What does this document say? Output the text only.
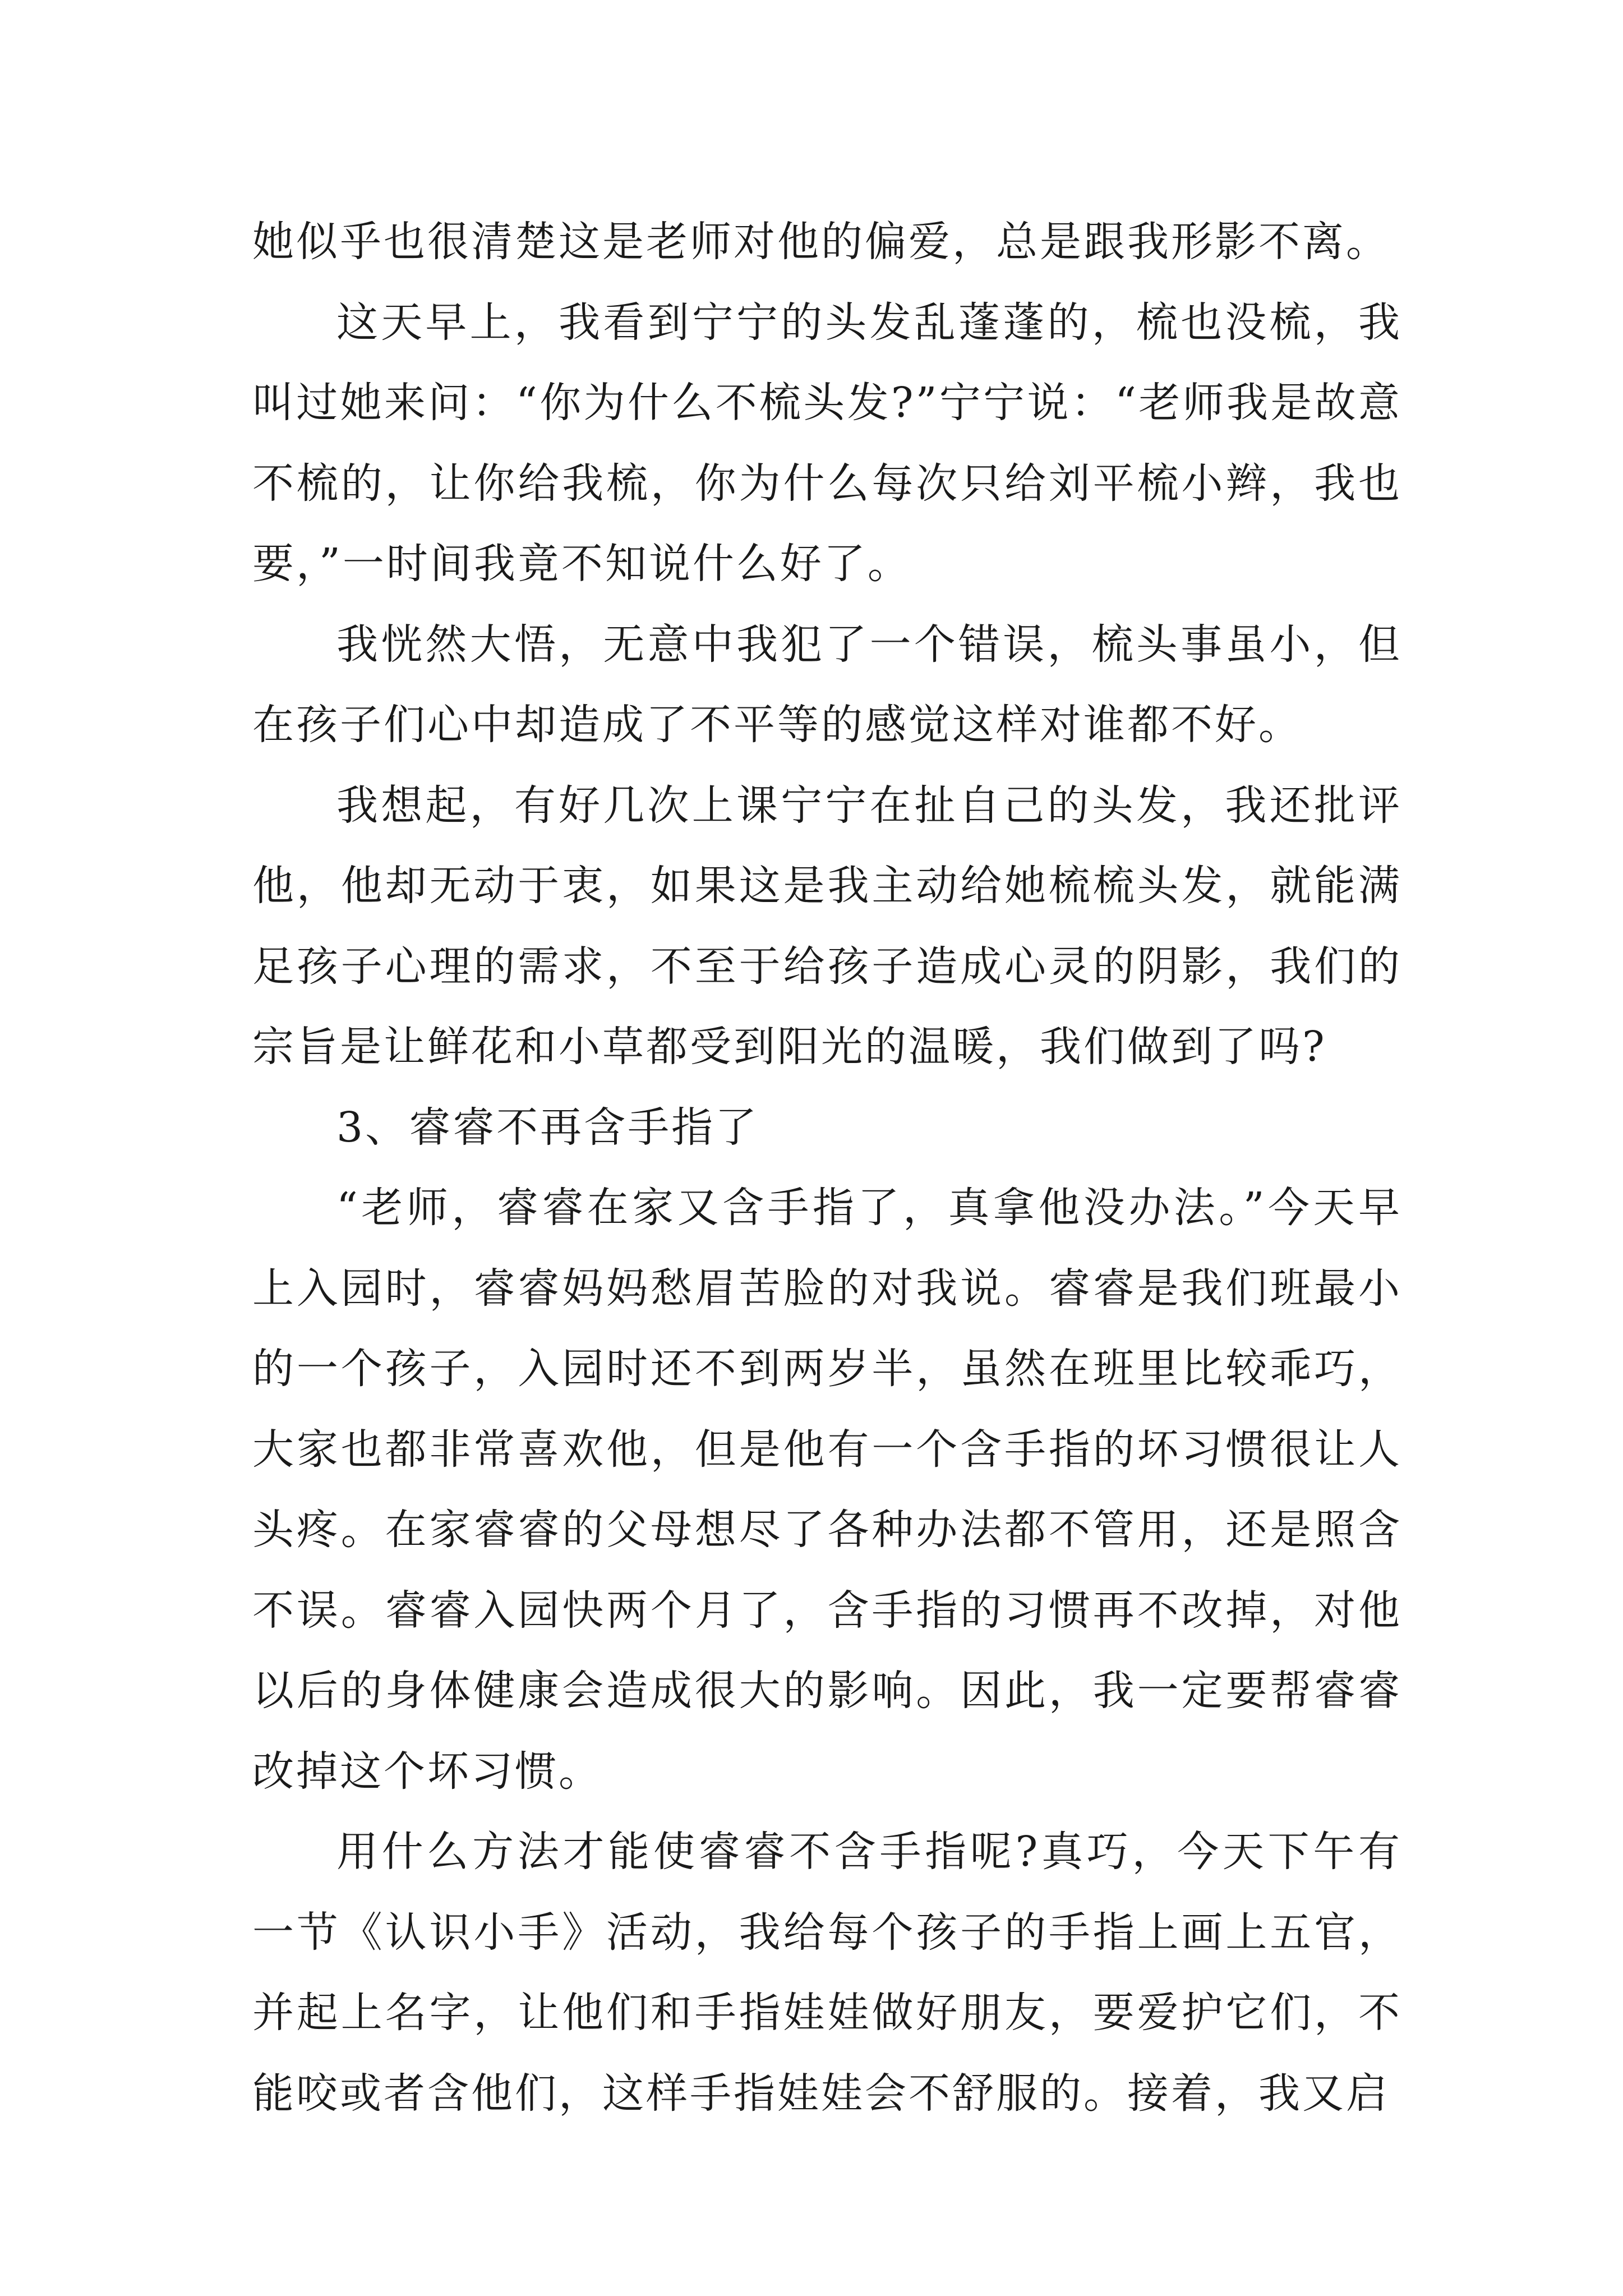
她似乎也很清楚这是老师对他的偏爱，总是跟我形影不离。

这天早上，我看到宁宁的头发乱蓬蓬的，梳也没梳，我叫过她来问：“你为什么不梳头发?”宁宁说：“老师我是故意不梳的，让你给我梳，你为什么每次只给刘平梳小辫，我也要，”一时间我竟不知说什么好了。

我恍然大悟，无意中我犯了一个错误，梳头事虽小，但在孩子们心中却造成了不平等的感觉这样对谁都不好。

我想起，有好几次上课宁宁在扯自己的头发，我还批评他，他却无动于衷，如果这是我主动给她梳梳头发，就能满足孩子心理的需求，不至于给孩子造成心灵的阴影，我们的宗旨是让鲜花和小草都受到阳光的温暖，我们做到了吗?

3、睿睿不再含手指了

“老师，睿睿在家又含手指了，真拿他没办法。”今天早上入园时，睿睿妈妈愁眉苦脸的对我说。睿睿是我们班最小的一个孩子，入园时还不到两岁半，虽然在班里比较乖巧，大家也都非常喜欢他，但是他有一个含手指的坏习惯很让人头疼。在家睿睿的父母想尽了各种办法都不管用，还是照含不误。睿睿入园快两个月了，含手指的习惯再不改掉，对他以后的身体健康会造成很大的影响。因此，我一定要帮睿睿改掉这个坏习惯。

用什么方法才能使睿睿不含手指呢?真巧，今天下午有一节《认识小手》活动，我给每个孩子的手指上画上五官，并起上名字，让他们和手指娃娃做好朋友，要爱护它们，不能咬或者含他们，这样手指娃娃会不舒服的。接着，我又启
